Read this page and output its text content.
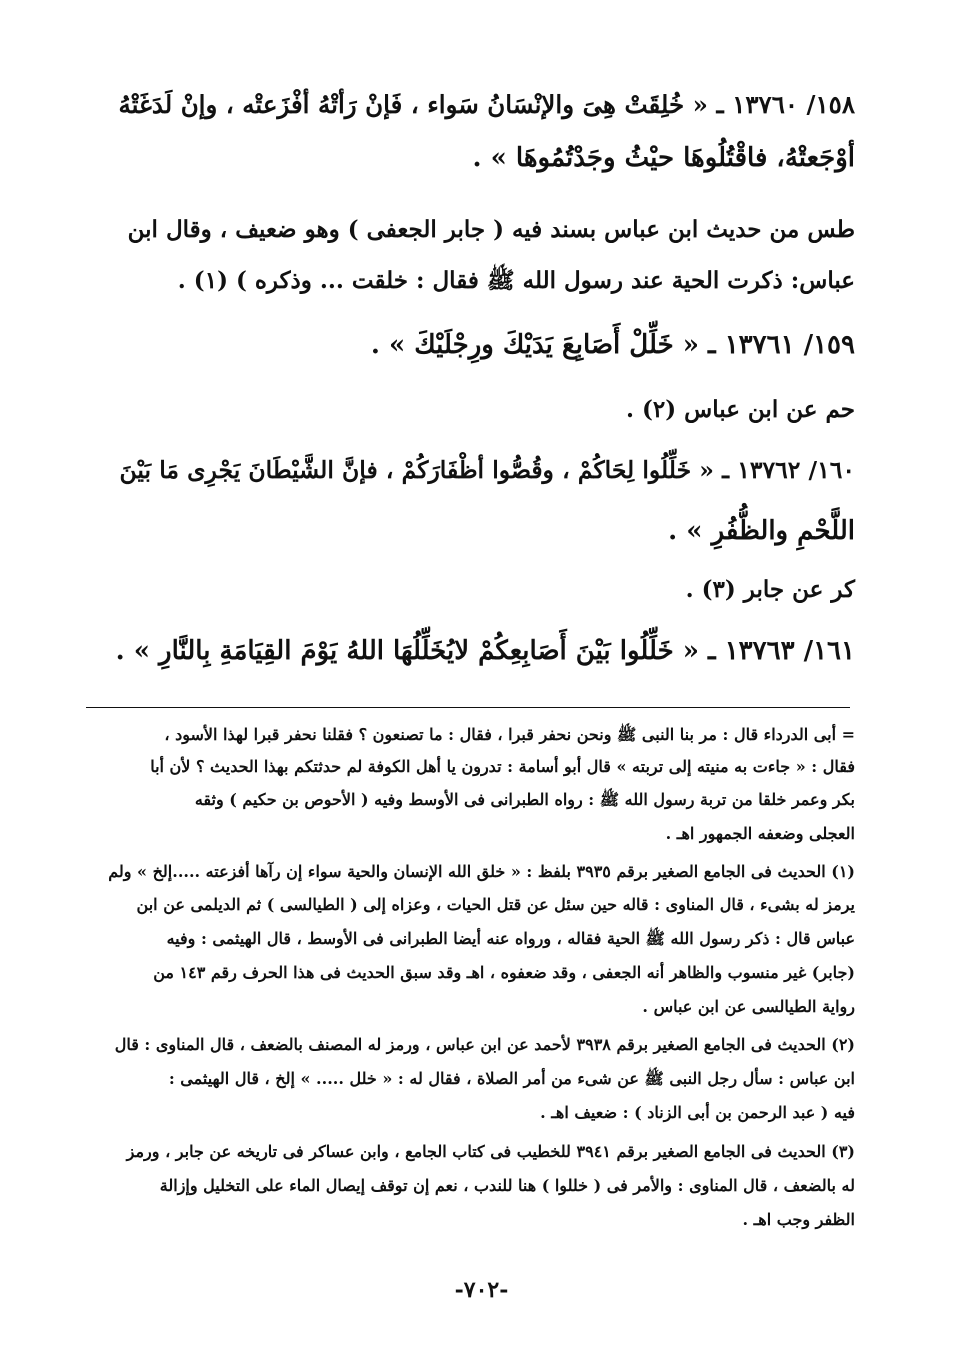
١٥٨/ ١٣٧٦٠ ـ « خُلِقَتْ هِىَ والإنْسَانُ سَواء ، فَإنْ رَأتْهُ أفْزَعتْه ، وإنْ لَدَغَتْهُ
أوْجَعتْهُ، فاقْتُلُوهَا حيْثُ وجَدْتُمُوهَا » .
طس من حديث ابن عباس بسند فيه ( جابر الجعفى ) وهو ضعيف ، وقال ابن
عباس: ذكرت الحية عند رسول الله ﷺ فقال : خلقت ... وذكره ) (١) .
١٥٩/ ١٣٧٦١ ـ « خَلِّلْ أَصَابِعَ يَدَيْكَ ورِجْلَيْكَ » .
حم عن ابن عباس (٢) .
١٦٠/ ١٣٧٦٢ ـ « خَلِّلُوا لِحَاكُمْ ، وقُصُّوا أظْفَارَكُمْ ، فإنَّ الشَّيْطَانَ يَجْرِى مَا بَيْنَ
اللَّحْمِ والظُّفُرِ » .
كر عن جابر (٣) .
١٦١/ ١٣٧٦٣ ـ « خَلِّلُوا بَيْنَ أَصَابِعِكُمْ لايُخَلِّلُهَا اللهُ يَوْمَ القِيَامَةِ بِالنَّارِ » .
= أبى الدرداء قال : مر بنا النبى ﷺ ونحن نحفر قبرا ، فقال : ما تصنعون ؟ فقلنا نحفر قبرا لهذا الأسود ،
فقال : « جاءت به منيته إلى تربته » قال أبو أسامة : تدرون يا أهل الكوفة لم حدثتكم بهذا الحديث ؟ لأن أبا
بكر وعمر خلقا من تربة رسول الله ﷺ : رواه الطبرانى فى الأوسط وفيه ( الأحوص بن حكيم ) وثقه
العجلى وضعفه الجمهور اهـ .
(١) الحديث فى الجامع الصغير برقم ٣٩٣٥ بلفظ : « خلق الله الإنسان والحية سواء إن رآها أفزعته .....إلخ » ولم
يرمز له بشىء ، قال المناوى : قاله حين سئل عن قتل الحيات ، وعزاه إلى ( الطيالسى ) ثم الديلمى عن ابن
عباس قال : ذكر رسول الله ﷺ الحية فقاله ، ورواه عنه أيضا الطبرانى فى الأوسط ، قال الهيثمى : وفيه
(جابر) غير منسوب والظاهر أنه الجعفى ، وقد ضعفوه ، اهـ وقد سبق الحديث فى هذا الحرف رقم ١٤٣ من
رواية الطيالسى عن ابن عباس .
(٢) الحديث فى الجامع الصغير برقم ٣٩٣٨ لأحمد عن ابن عباس ، ورمز له المصنف بالضعف ، قال المناوى : قال
ابن عباس : سأل رجل النبى ﷺ عن شىء من أمر الصلاة ، فقال له : « خلل ..... » إلخ ، قال الهيثمى :
فيه ( عبد الرحمن بن أبى الزناد ) : ضعيف اهـ .
(٣) الحديث فى الجامع الصغير برقم ٣٩٤١ للخطيب فى كتاب الجامع ، وابن عساكر فى تاريخه عن جابر ، ورمز
له بالضعف ، قال المناوى : والأمر فى ( خللوا ) هنا للندب ، نعم إن توقف إيصال الماء على التخليل وإزالة
الظفر وجب اهـ .
-٧٠٢-
